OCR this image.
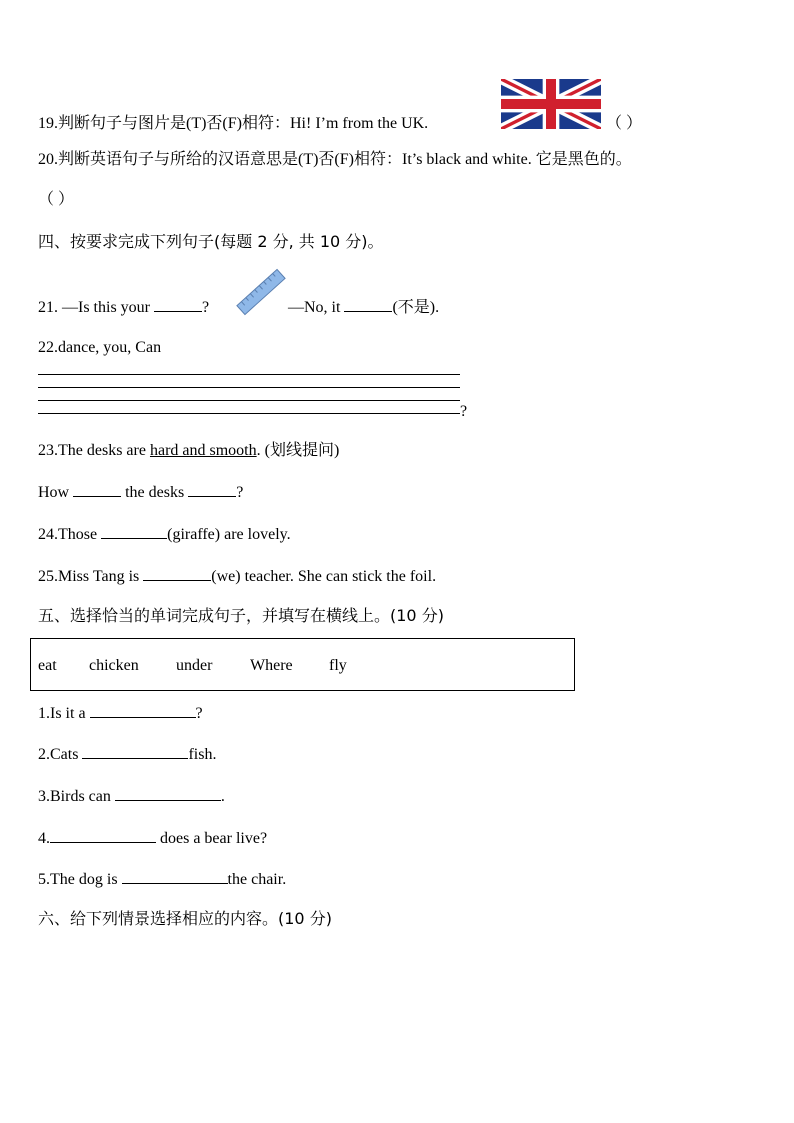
19.判断句子与图片是(T)否(F)相符：Hi! I’m from the UK.	（ ）
20.判断英语句子与所给的汉语意思是(T)否(F)相符：It’s black and white. 它是黑色的。
（ ）
四、按要求完成下列句子(每题 2 分, 共 10 分)。
21. —Is this your	?	—No, it	(不是).
22.dance, you, Can
?
23.The desks are hard and smooth. (划线提问)
How	the desks	?
24.Those	(giraffe) are lovely.
25.Miss Tang is	(we) teacher. She can stick the foil.
五、选择恰当的单词完成句子，并填写在横线上。(10 分)
eat chicken under Where fly
1.Is it a	?
2.Cats	fish.
3.Birds can	.
4.	does a bear live?
5.The dog is	the chair.
六、给下列情景选择相应的内容。(10 分)
